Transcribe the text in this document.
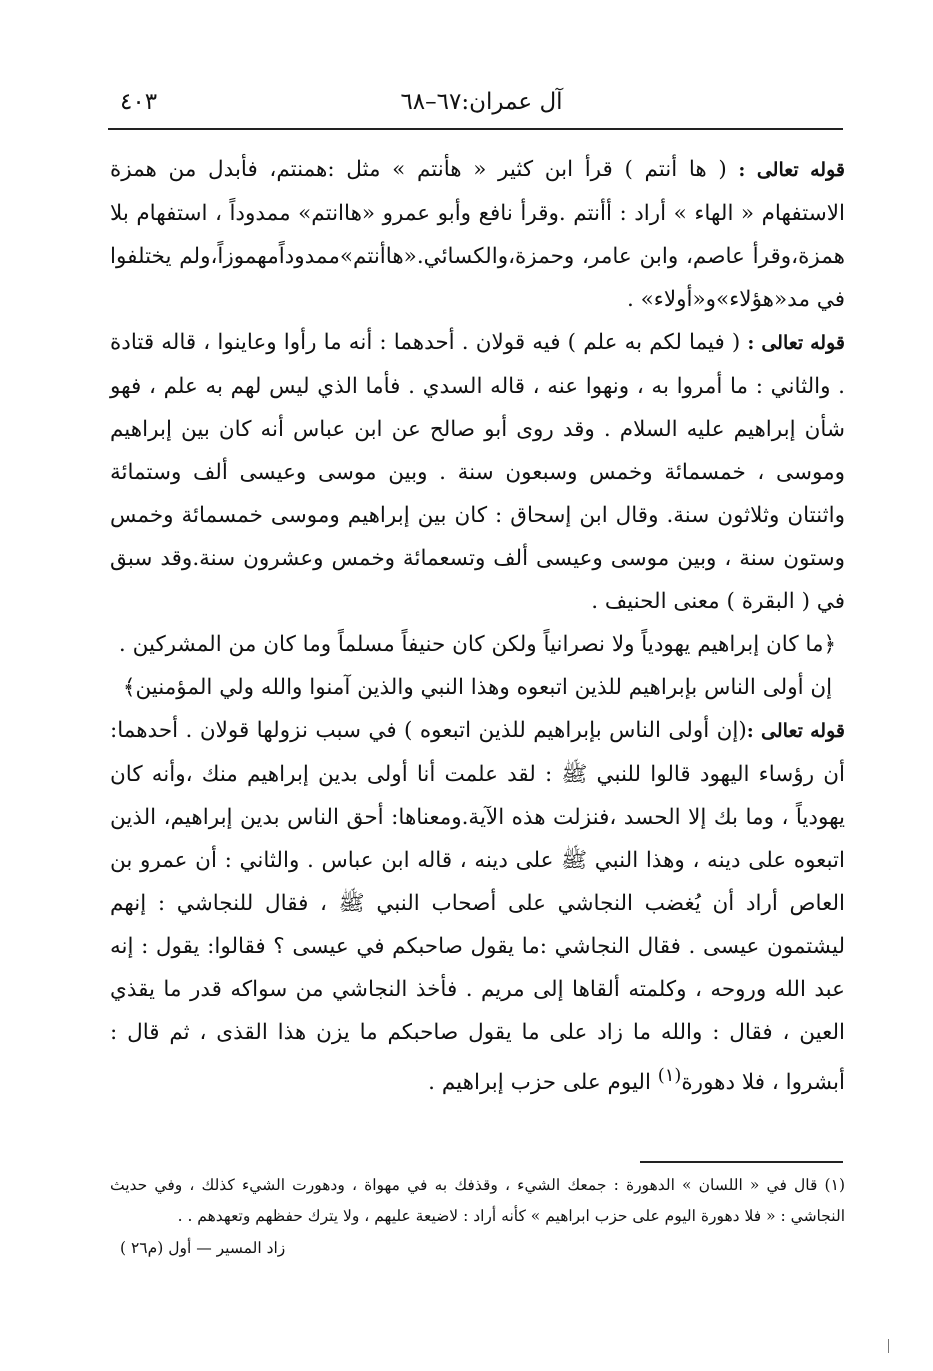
آل عمران:٦٧–٦٨
٤٠٣

قوله تعالى : ( ها أنتم ) قرأ ابن كثير « هأنتم » مثل :همنتم، فأبدل من همزة الاستفهام « الهاء » أراد : أأنتم .وقرأ نافع وأبو عمرو «هاانتم» ممدوداً ، استفهام بلا همزة،وقرأ عاصم، وابن عامر، وحمزة،والكسائي.«هاأنتم»ممدوداًمهموزاً،ولم يختلفوا في مد«هؤلاء»و«أولاء» .

قوله تعالى : ( فيما لكم به علم ) فيه قولان . أحدهما : أنه ما رأوا وعاينوا ، قاله قتادة . والثاني : ما أمروا به ، ونهوا عنه ، قاله السدي . فأما الذي ليس لهم به علم ، فهو شأن إبراهيم عليه السلام . وقد روى أبو صالح عن ابن عباس أنه كان بين إبراهيم وموسى ، خمسمائة وخمس وسبعون سنة . وبين موسى وعيسى ألف وستمائة واثنتان وثلاثون سنة. وقال ابن إسحاق : كان بين إبراهيم وموسى خمسمائة وخمس وستون سنة ، وبين موسى وعيسى ألف وتسعمائة وخمس وعشرون سنة.وقد سبق في ( البقرة ) معنى الحنيف .

﴿ما كان إبراهيم يهودياً ولا نصرانياً ولكن كان حنيفاً مسلماً وما كان من المشركين .

إن أولى الناس بإبراهيم للذين اتبعوه وهذا النبي والذين آمنوا والله ولي المؤمنين﴾

قوله تعالى :(إن أولى الناس بإبراهيم للذين اتبعوه ) في سبب نزولها قولان . أحدهما: أن رؤساء اليهود قالوا للنبي ﷺ : لقد علمت أنا أولى بدين إبراهيم منك ،وأنه كان يهودياً ، وما بك إلا الحسد ،فنزلت هذه الآية.ومعناها: أحق الناس بدين إبراهيم، الذين اتبعوه على دينه ، وهذا النبي ﷺ على دينه ، قاله ابن عباس . والثاني : أن عمرو بن العاص أراد أن يُغضب النجاشي على أصحاب النبي ﷺ ، فقال للنجاشي : إنهم ليشتمون عيسى . فقال النجاشي :ما يقول صاحبكم في عيسى ؟ فقالوا: يقول : إنه عبد الله وروحه ، وكلمته ألقاها إلى مريم . فأخذ النجاشي من سواكه قدر ما يقذي العين ، فقال : والله ما زاد على ما يقول صاحبكم ما يزن هذا القذى ، ثم قال : أبشروا ، فلا دهورة$^{(١)}$ اليوم على حزب إبراهيم .

(١) قال في « اللسان » الدهورة : جمعك الشيء ، وقذفك به في مهواة ، ودهورت الشيء كذلك ، وفي حديث النجاشي : « فلا دهورة اليوم على حزب ابراهيم » كأنه أراد : لاضيعة عليهم ، ولا يترك حفظهم وتعهدهم . .

زاد المسير — أول (م٢٦ )
